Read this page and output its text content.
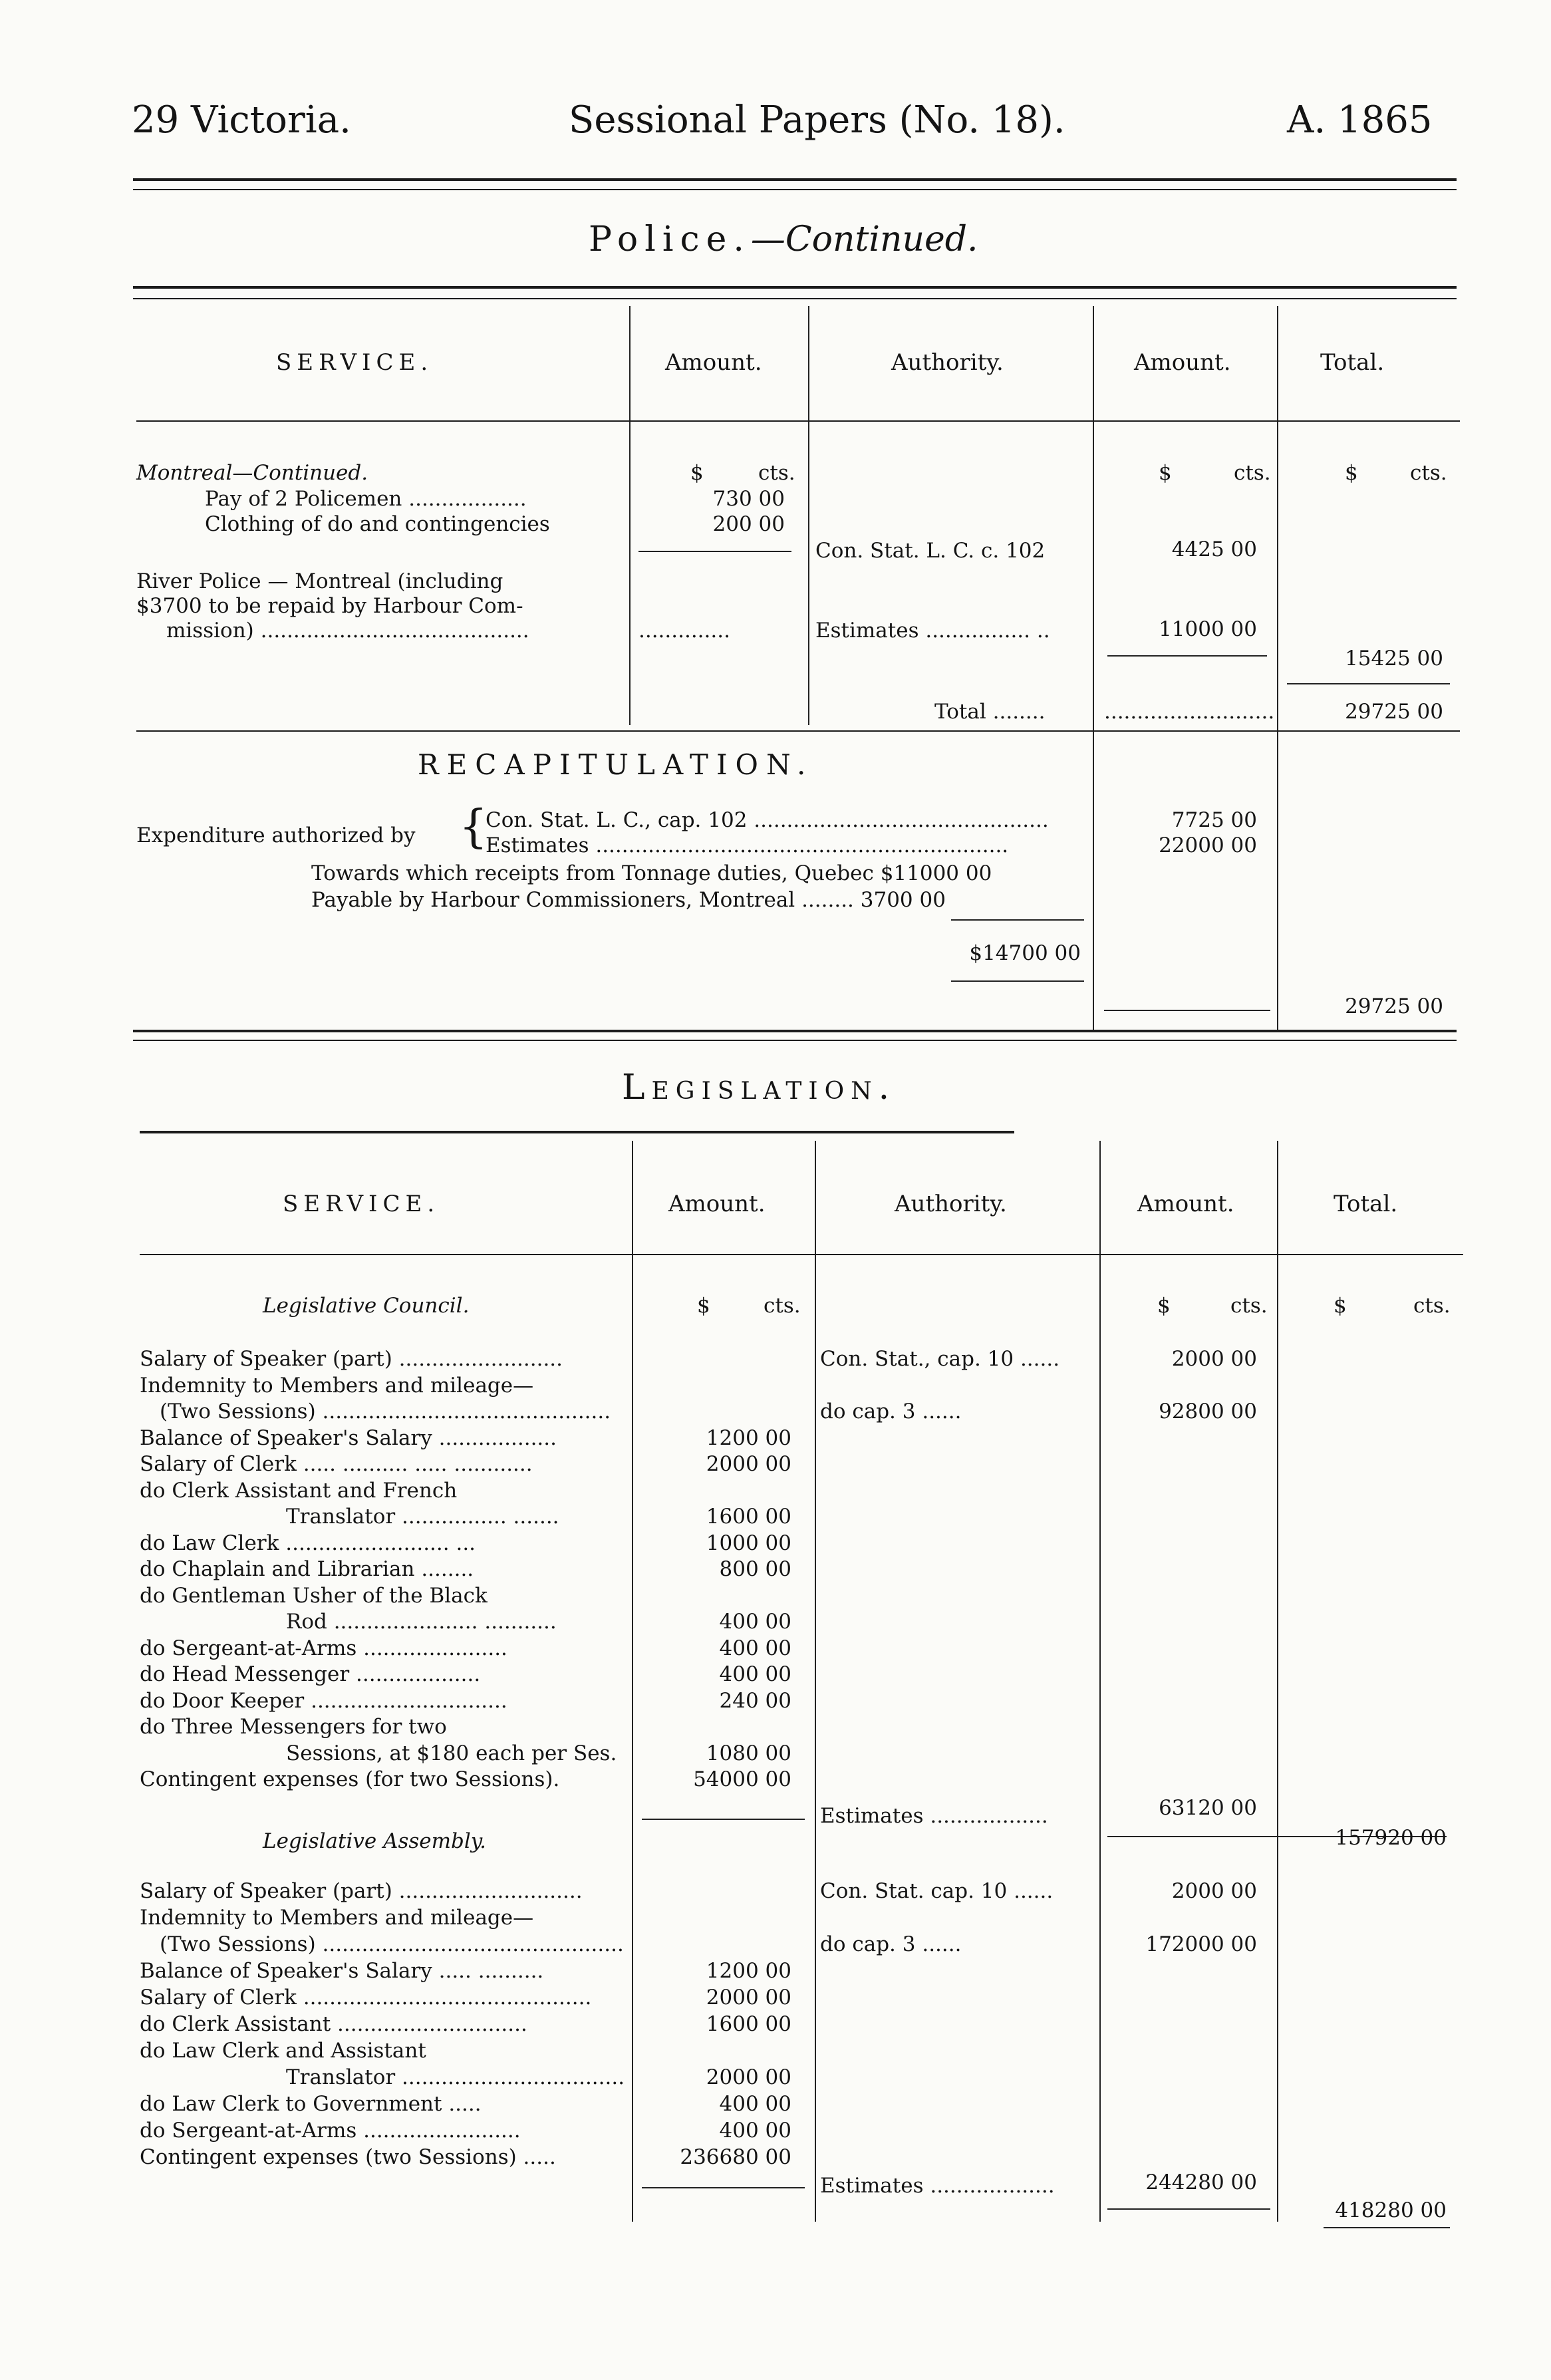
29 Victoria.	Sessional Papers (No. 18).	A. 1865
Police.—Continued.
SERVICE.	Amount.	Authority.	Amount.	Total.
$	cts.	$	cts.	$	cts.
Montreal—Continued.
Pay of 2 Policemen ..................	730 00
Clothing of do and contingencies	200 00
Con. Stat. L. C. c. 102	4425 00
River Police — Montreal (including
$3700 to be repaid by Harbour Com-
mission) .........................................	..............	Estimates ................ ..	11000 00
15425 00
Total ........	..........................	29725 00
RECAPITULATION.
Expenditure authorized by {
Con. Stat. L. C., cap. 102 .............................................	7725 00
Estimates ...............................................................	22000 00
Towards which receipts from Tonnage duties, Quebec $11000 00
Payable by Harbour Commissioners, Montreal ........ 3700 00
$14700 00
29725 00
Legislation.
SERVICE.	Amount.	Authority.	Amount.	Total.
Legislative Council.	$	cts.	$	cts.	$	cts.
Salary of Speaker (part) .........................	Con. Stat., cap. 10 ......	2000 00
Indemnity to Members and mileage—
(Two Sessions) ............................................	do cap. 3 ......	92800 00
Balance of Speaker's Salary ..................	1200 00
Salary of Clerk ..... .......... ..... ............	2000 00
do Clerk Assistant and French
Translator ................ .......	1600 00
do Law Clerk ......................... ...	1000 00
do Chaplain and Librarian ........	800 00
do Gentleman Usher of the Black
Rod ...................... ...........	400 00
do Sergeant-at-Arms ......................	400 00
do Head Messenger ...................	400 00
do Door Keeper ..............................	240 00
do Three Messengers for two
Sessions, at $180 each per Ses.	1080 00
Contingent expenses (for two Sessions).	54000 00
Estimates ..................	63120 00
157920 00
Legislative Assembly.
Salary of Speaker (part) ............................	Con. Stat. cap. 10 ......	2000 00
Indemnity to Members and mileage—
(Two Sessions) ..............................................	do cap. 3 ......	172000 00
Balance of Speaker's Salary ..... ..........	1200 00
Salary of Clerk ............................................	2000 00
do Clerk Assistant .............................	1600 00
do Law Clerk and Assistant
Translator ..................................	2000 00
do Law Clerk to Government .....	400 00
do Sergeant-at-Arms ........................	400 00
Contingent expenses (two Sessions) .....	236680 00
Estimates ...................	244280 00
418280 00
